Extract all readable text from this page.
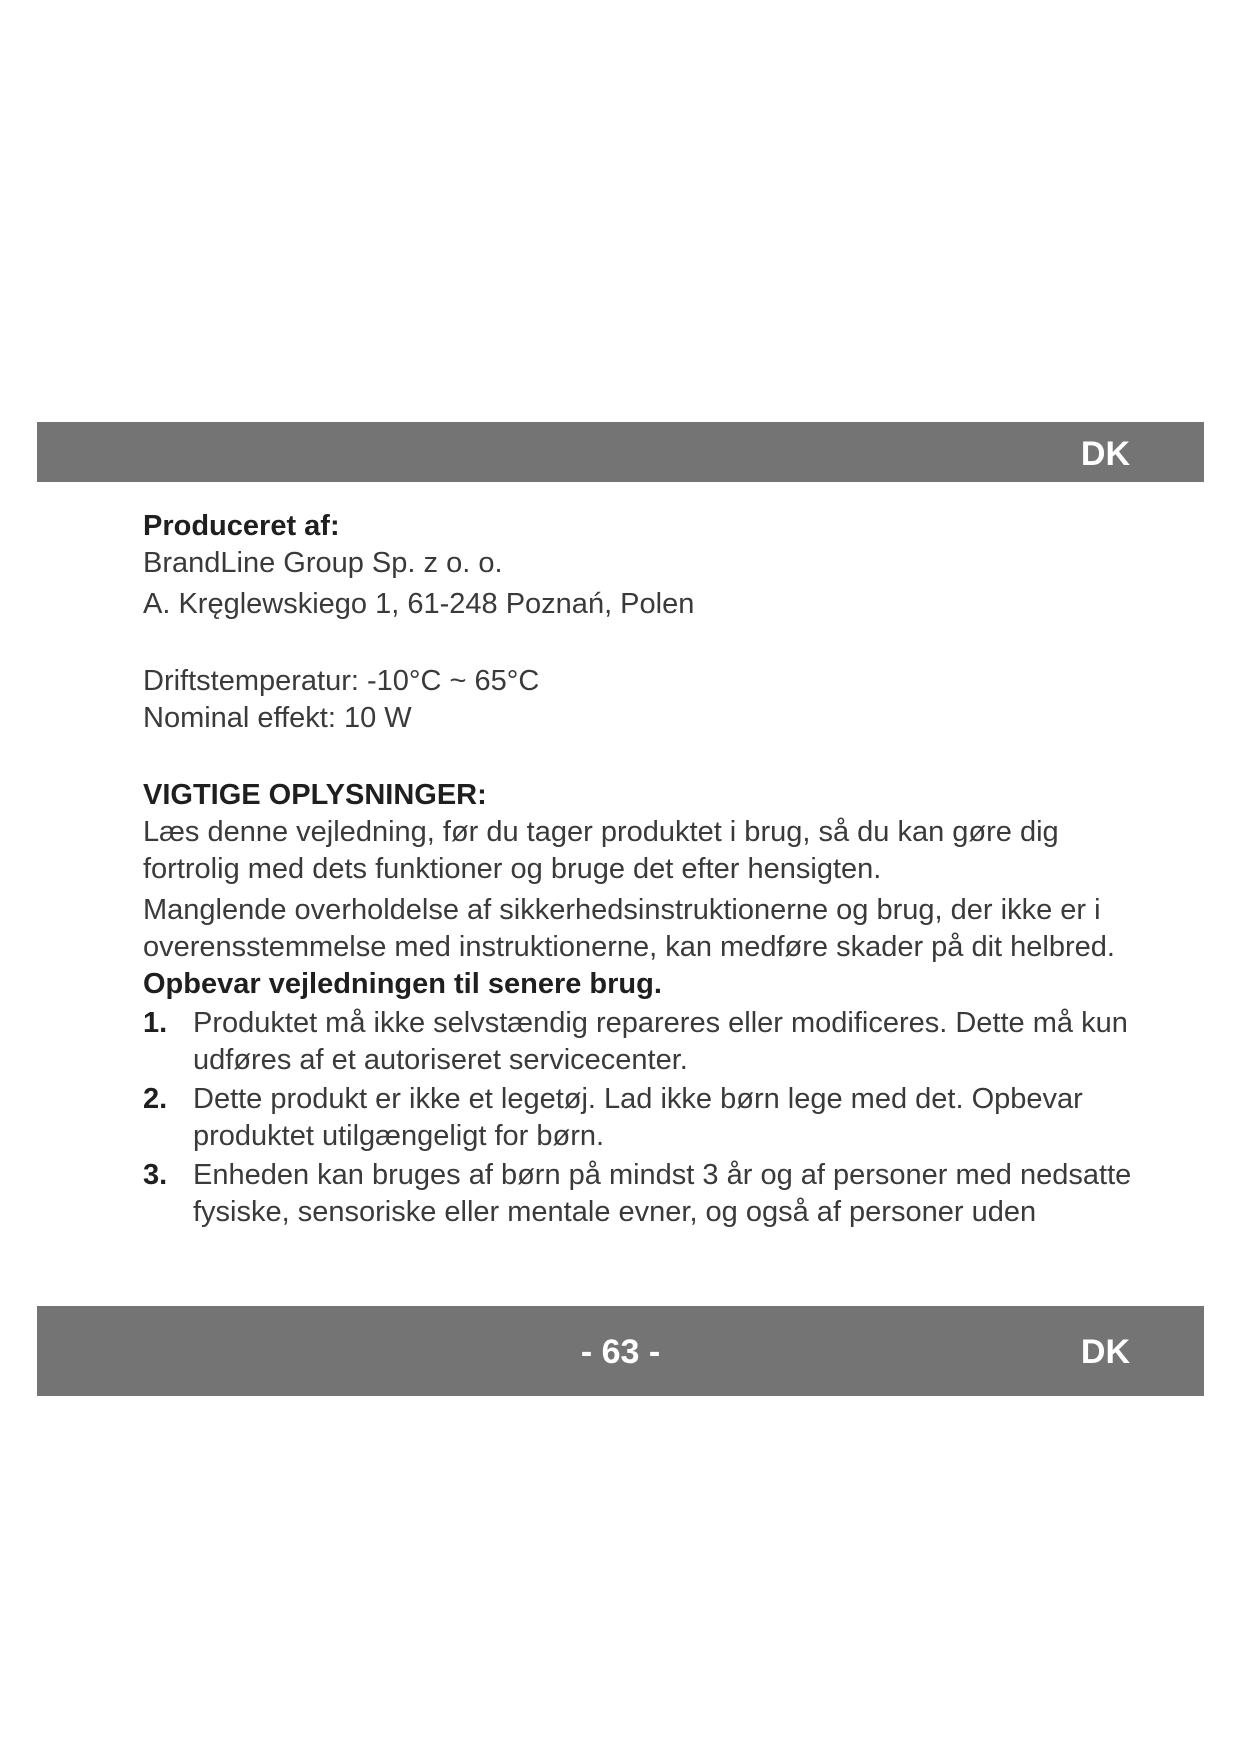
DK

Produceret af:

BrandLine Group Sp. z o. o.

A. Kręglewskiego 1, 61-248 Poznań, Polen

Driftstemperatur: -10°C ~ 65°C

Nominal effekt: 10 W

VIGTIGE OPLYSNINGER:

Læs denne vejledning, før du tager produktet i brug, så du kan gøre dig fortrolig med dets funktioner og bruge det efter hensigten.

Manglende overholdelse af sikkerhedsinstruktionerne og brug, der ikke er i overensstemmelse med instruktionerne, kan medføre skader på dit helbred.

Opbevar vejledningen til senere brug.

1. Produktet må ikke selvstændig repareres eller modificeres. Dette må kun udføres af et autoriseret servicecenter.
2. Dette produkt er ikke et legetøj. Lad ikke børn lege med det. Opbevar produktet utilgængeligt for børn.
3. Enheden kan bruges af børn på mindst 3 år og af personer med nedsatte fysiske, sensoriske eller mentale evner, og også af personer uden
- 63 -	DK
